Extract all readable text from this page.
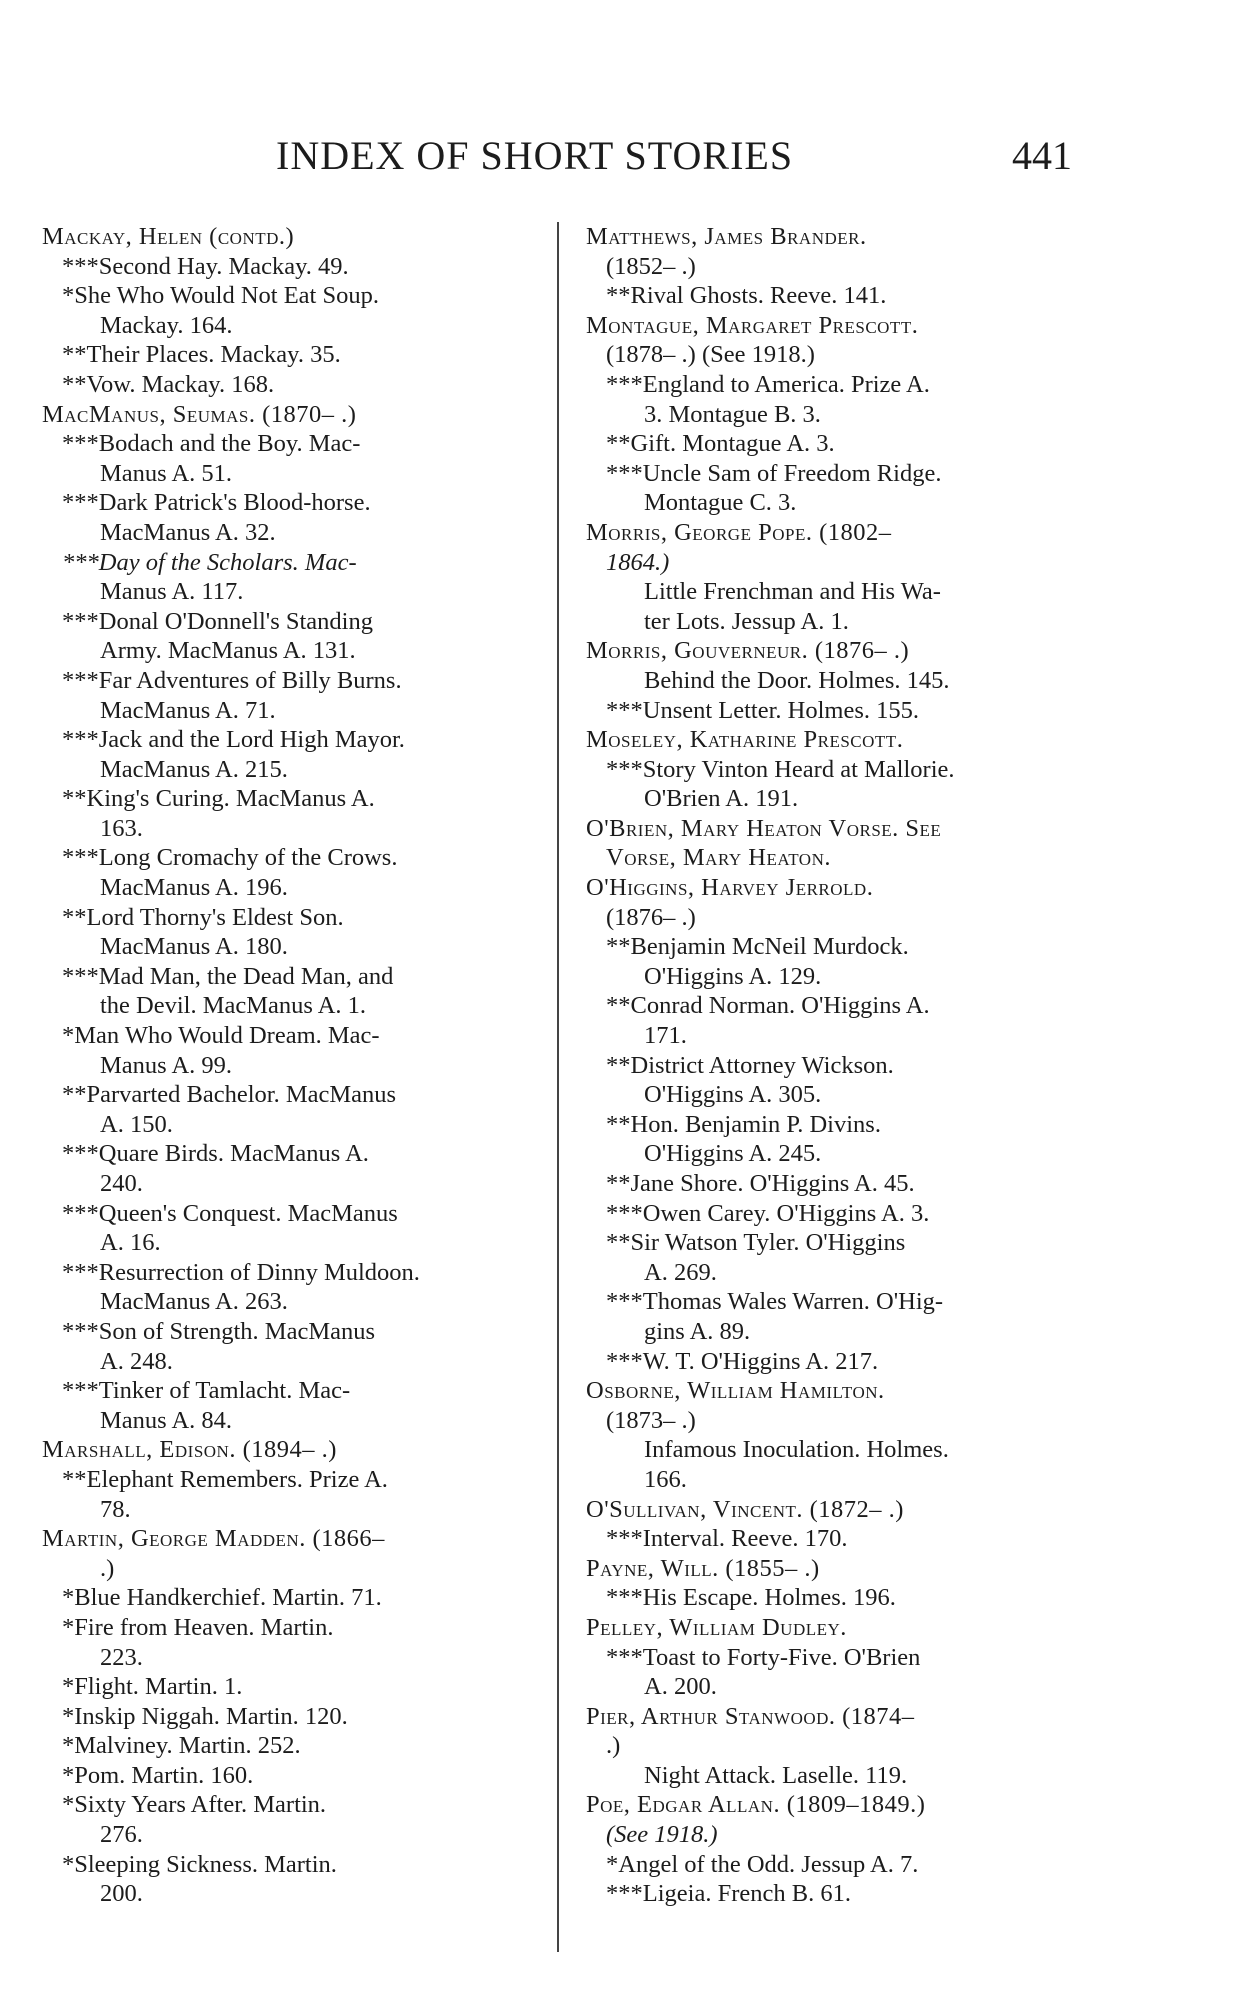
INDEX OF SHORT STORIES	441
Mackay, Helen (contd.)
***Second Hay. Mackay. 49.
*She Who Would Not Eat Soup.
Mackay. 164.
**Their Places. Mackay. 35.
**Vow. Mackay. 168.
MacManus, Seumas. (1870– .)
***Bodach and the Boy. Mac-
Manus A. 51.
***Dark Patrick's Blood-horse.
MacManus A. 32.
***Day of the Scholars. Mac-
Manus A. 117.
***Donal O'Donnell's Standing
Army. MacManus A. 131.
***Far Adventures of Billy Burns.
MacManus A. 71.
***Jack and the Lord High Mayor.
MacManus A. 215.
**King's Curing. MacManus A.
163.
***Long Cromachy of the Crows.
MacManus A. 196.
**Lord Thorny's Eldest Son.
MacManus A. 180.
***Mad Man, the Dead Man, and
the Devil. MacManus A. 1.
*Man Who Would Dream. Mac-
Manus A. 99.
**Parvarted Bachelor. MacManus
A. 150.
***Quare Birds. MacManus A.
240.
***Queen's Conquest. MacManus
A. 16.
***Resurrection of Dinny Muldoon.
MacManus A. 263.
***Son of Strength. MacManus
A. 248.
***Tinker of Tamlacht. Mac-
Manus A. 84.
Marshall, Edison. (1894– .)
**Elephant Remembers. Prize A.
78.
Martin, George Madden. (1866–
.)
*Blue Handkerchief. Martin. 71.
*Fire from Heaven. Martin.
223.
*Flight. Martin. 1.
*Inskip Niggah. Martin. 120.
*Malviney. Martin. 252.
*Pom. Martin. 160.
*Sixty Years After. Martin.
276.
*Sleeping Sickness. Martin.
200.
Matthews, James Brander.
(1852– .)
**Rival Ghosts. Reeve. 141.
Montague, Margaret Prescott.
(1878– .) (See 1918.)
***England to America. Prize A.
3. Montague B. 3.
**Gift. Montague A. 3.
***Uncle Sam of Freedom Ridge.
Montague C. 3.
Morris, George Pope. (1802–
1864.)
Little Frenchman and His Wa-
ter Lots. Jessup A. 1.
Morris, Gouverneur. (1876– .)
Behind the Door. Holmes. 145.
***Unsent Letter. Holmes. 155.
Moseley, Katharine Prescott.
***Story Vinton Heard at Mallorie.
O'Brien A. 191.
O'Brien, Mary Heaton Vorse. See
Vorse, Mary Heaton.
O'Higgins, Harvey Jerrold.
(1876– .)
**Benjamin McNeil Murdock.
O'Higgins A. 129.
**Conrad Norman. O'Higgins A.
171.
**District Attorney Wickson.
O'Higgins A. 305.
**Hon. Benjamin P. Divins.
O'Higgins A. 245.
**Jane Shore. O'Higgins A. 45.
***Owen Carey. O'Higgins A. 3.
**Sir Watson Tyler. O'Higgins
A. 269.
***Thomas Wales Warren. O'Hig-
gins A. 89.
***W. T. O'Higgins A. 217.
Osborne, William Hamilton.
(1873– .)
Infamous Inoculation. Holmes.
166.
O'Sullivan, Vincent. (1872– .)
***Interval. Reeve. 170.
Payne, Will. (1855– .)
***His Escape. Holmes. 196.
Pelley, William Dudley.
***Toast to Forty-Five. O'Brien
A. 200.
Pier, Arthur Stanwood. (1874–
.)
Night Attack. Laselle. 119.
Poe, Edgar Allan. (1809–1849.)
(See 1918.)
*Angel of the Odd. Jessup A. 7.
***Ligeia. French B. 61.
